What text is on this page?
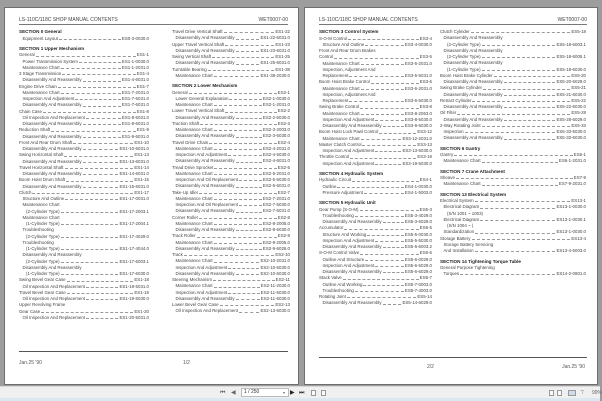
LS-110C/118C SHOP MANUAL CONTENTS	WET0007-00
SECTION 0 General
Equipment Layout	ES0-3-0030.0
SECTION 1 Upper Mechanism
General	ES1-1
Power Transmission System	ES1-1-0030.0
Maintenance Chart	ES1-1-2031.0
3 Stage Transmission	ES1-4
Disassembly And Reassembly	ES1-4-6031.0
Engine Drive Chain	ES1-7
Maintenance Chart	ES1-7-2031.0
Inspection And Adjustment	ES1-7-5031.0
Disassembly And Reassembly	ES1-7-6031.0
Chain Case	ES1-8
Oil Inspection And Replacement	ES1-8-5031.0
Disassembly And Reassembly	ES1-8-6031.0
Reduction Shaft	ES1-9
Disassembly And Reassembly	ES1-9-6031.0
Front And Rear Drum Shaft	ES1-10
Disassembly And Reassembly	ES1-10-6031.0
Swing Horizontal Shaft	ES1-13
Disassembly And Reassembly	ES1-13-6031.0
Travel Horizontal Shaft	ES1-14
Disassembly And Reassembly	ES1-14-6031.0
Boom Hoist Drum Shaft	ES1-15
Disassembly And Reassembly	ES1-15-6031.0
Clutch	ES1-17
Structure And Outline	ES1-17-0031.0
Maintenance Chart
(2-Cylinder Type)	ES1-17-2003.1
Maintenance Chart
(1-Cylinder Type)	ES1-17-2004.1
Troubleshooting
(2-Cylinder Type)	ES1-17-4029.0
Troubleshooting
(1-Cylinder Type)	ES1-17-4044.0
Disassembly And Reassembly
(2-Cylinder Type)	ES1-17-6003.1
Disassembly And Reassembly
(1-Cylinder Type)	ES1-17-6030.0
Swing Bevel Gear Case	ES1-18
Oil Inspection And Replacement	ES1-18-5031.0
Travel Bevel Gear Case	ES1-19
Oil Inspection And Replacement	ES1-19-5030.0
Upper Revolving Frame
Gear Case	ES1-20
Oil Inspection And Replacement	ES1-20-5031.0
Travel Drive Vertical Shaft	ES1-22
Disassembly And Reassembly	ES1-22-6031.0
Upper Travel Vertical Shaft	ES1-23
Disassembly And Reassembly	ES1-23-6031.0
Swing Vertical Shaft	ES1-25
Disassembly And Reassembly	ES1-25-6031.0
Turntable Bearing	ES1-38
Maintenance Chart	ES1-38-2030.0
SECTION 2 Lower Mechanism
General	ES2-1
Lower General Explanation	ES2-1-0030.0
Maintenance Chart	ES2-1-2031.0
Lower Travel Vertical Shaft	ES2-2
Disassembly And Reassembly	ES2-2-6030.0
Traction Shaft	ES2-3
Maintenance Chart	ES2-3-2003.0
Disassembly And Reassembly	ES2-3-6030.0
Travel Drive Chain	ES2-4
Maintenance Chart	ES2-4-2031.0
Inspection And Adjustment	ES2-4-5030.0
Disassembly And Reassembly	ES2-4-6031.0
Tread Drive Sprocket	ES2-5
Maintenance Chart	ES2-5-2031.0
Inspection And Oil Replacement	ES2-5-5030.0
Disassembly And Reassembly	ES2-5-6031.0
Take-Up Idler	ES2-7
Maintenance Chart	ES2-7-2031.0
Inspection And Oil Replacement	ES2-7-5030.0
Disassembly And Reassembly	ES2-7-6031.0
Corner Roller	ES2-8
Maintenance Chart	ES2-8-2005.0
Disassembly And Reassembly	ES2-8-6030.0
Track Roller	ES2-9
Maintenance Chart	ES2-9-2005.0
Disassembly And Reassembly	ES2-9-6026.0
Track	ES2-10
Maintenance Chart	ES2-10-2031.0
Inspection And Adjustment	ES2-10-5030.0
Disassembly And Reassembly	ES2-10-6030.0
Steering Mechanism	ES2-11
Maintenance Chart	ES2-11-2030.0
Inspection And Adjustment	ES2-11-5030.0
Disassembly And Reassembly	ES2-11-6030.0
Lower Bevel Gear Case	ES2-13
Oil Inspection And Replacement	ES2-13-5030.0
Jan.25 '90	1/2
LS-110C/118C SHOP MANUAL CONTENTS	WET0007-00
SECTION 3 Control System
S-O-M Control	ES3-4
Structure And Outline	ES3-4-0030.0
Front And Rear Drum Brakes
Control	ES3-5
Maintenance Chart	ES3-5-2031.0
Inspection, Adjustment And
Replacement	ES3-5-5031.0
Boom Hoist Brake Control	ES3-6
Maintenance Chart	ES3-6-2031.0
Inspection, Adjustment And
Replacement	ES3-6-5030.0
Swing Brake Control	ES3-8
Maintenance Chart	ES3-8-2063.0
Inspection And Adjustment	ES3-8-5030.0
Disassembly And Reassembly	ES3-8-6030.0
Boom Hoist Lock Pawl Control	ES3-12
Maintenance Chart	ES3-12-2031.0
Master Clutch Control	ES3-13
Inspection And Adjustment	ES3-13-5030.0
Throttle Control	ES3-19
Inspection And Adjustment	ES3-19-5030.0
SECTION 4 Hydraulic System
Hydraulic Circuit	ES4-1
Outline	ES4-1-0030.0
Pressure Adjustment	ES4-1-5003.0
SECTION 5 Hydraulic Unit
Gear Pump (S-O-M)	ES5-3
Troubleshooting	ES5-3-4029.0
Disassembly And Reassembly	ES5-3-6029.0
Accumulator	ES5-5
Structure And Working	ES5-5-0030.0
Inspection And Adjustment	ES5-5-5030.0
Disassembly And Reassembly	ES5-5-6003.2
S-O-M Control Valve	ES5-6
Outline And Structure	ES5-6-0029.0
Inspection And Adjustment	ES5-6-5029.0
Disassembly And Reassembly	ES5-6-6029.0
Stack Valve	ES5-7
Outline And Working	ES5-7-0003.0
Troubleshooting	ES5-7-4003.0
Rotating Joint	ES5-14
Disassembly And Reassembly	ES5-14-6029.0
Clutch Cylinder	ES5-18
Disassembly And Reassembly
(2-Cylinder Type)	ES5-18-6003.1
Disassembly And Reassembly
(2-Cylinder Type)	ES5-18-6005.1
Disassembly And Reassembly
(1-Cylinder Type)	ES5-18-6030.0
Boom Hoist Brake Cylinder	ES5-20
Disassembly And Reassembly	ES5-20-6029.0
Swing Brake Cylinder	ES5-21
Disassembly And Reassembly	ES5-21-6030.0
Retract Cylinder	ES5-22
Disassembly And Reassembly	ES5-22-6030.0
Oil Filter	ES5-28
Disassembly And Reassembly	ES5-28-6029.0
2-Way Rotating Joint	ES5-33
Inspection	ES5-33-5030.0
Disassembly And Reassembly	ES5-33-6030.0
SECTION 6 Gantry
Gantry	ES6-1
Maintenance Chart	ES6-1-2031.0
SECTION 7 Crane Attachment
Sheave	ES7-9
Maintenance Chart	ES7-9-2031.0
SECTION 13 Electrical System
Electrical System	ES13-1
Electrical Diagram	ES13-1-0030.0
(S/N 1001 ~ 1003)
Electrical Diagram	ES13-1-0030.1
(S/N 1004 ~ )
Standardization	ES13-1-0030.0
Storage Battery	ES13-4
Storage Battery Servicing
And Installation	ES13-4-5003.0
SECTION 14 Tightening Torque Table
General Purpose Tightening
Torques	ES14-2-0801.0
2/2	Jan.25 '90
⏮ ◀	1 / 250	▾ ▶ ⏭	⊤ 99%
